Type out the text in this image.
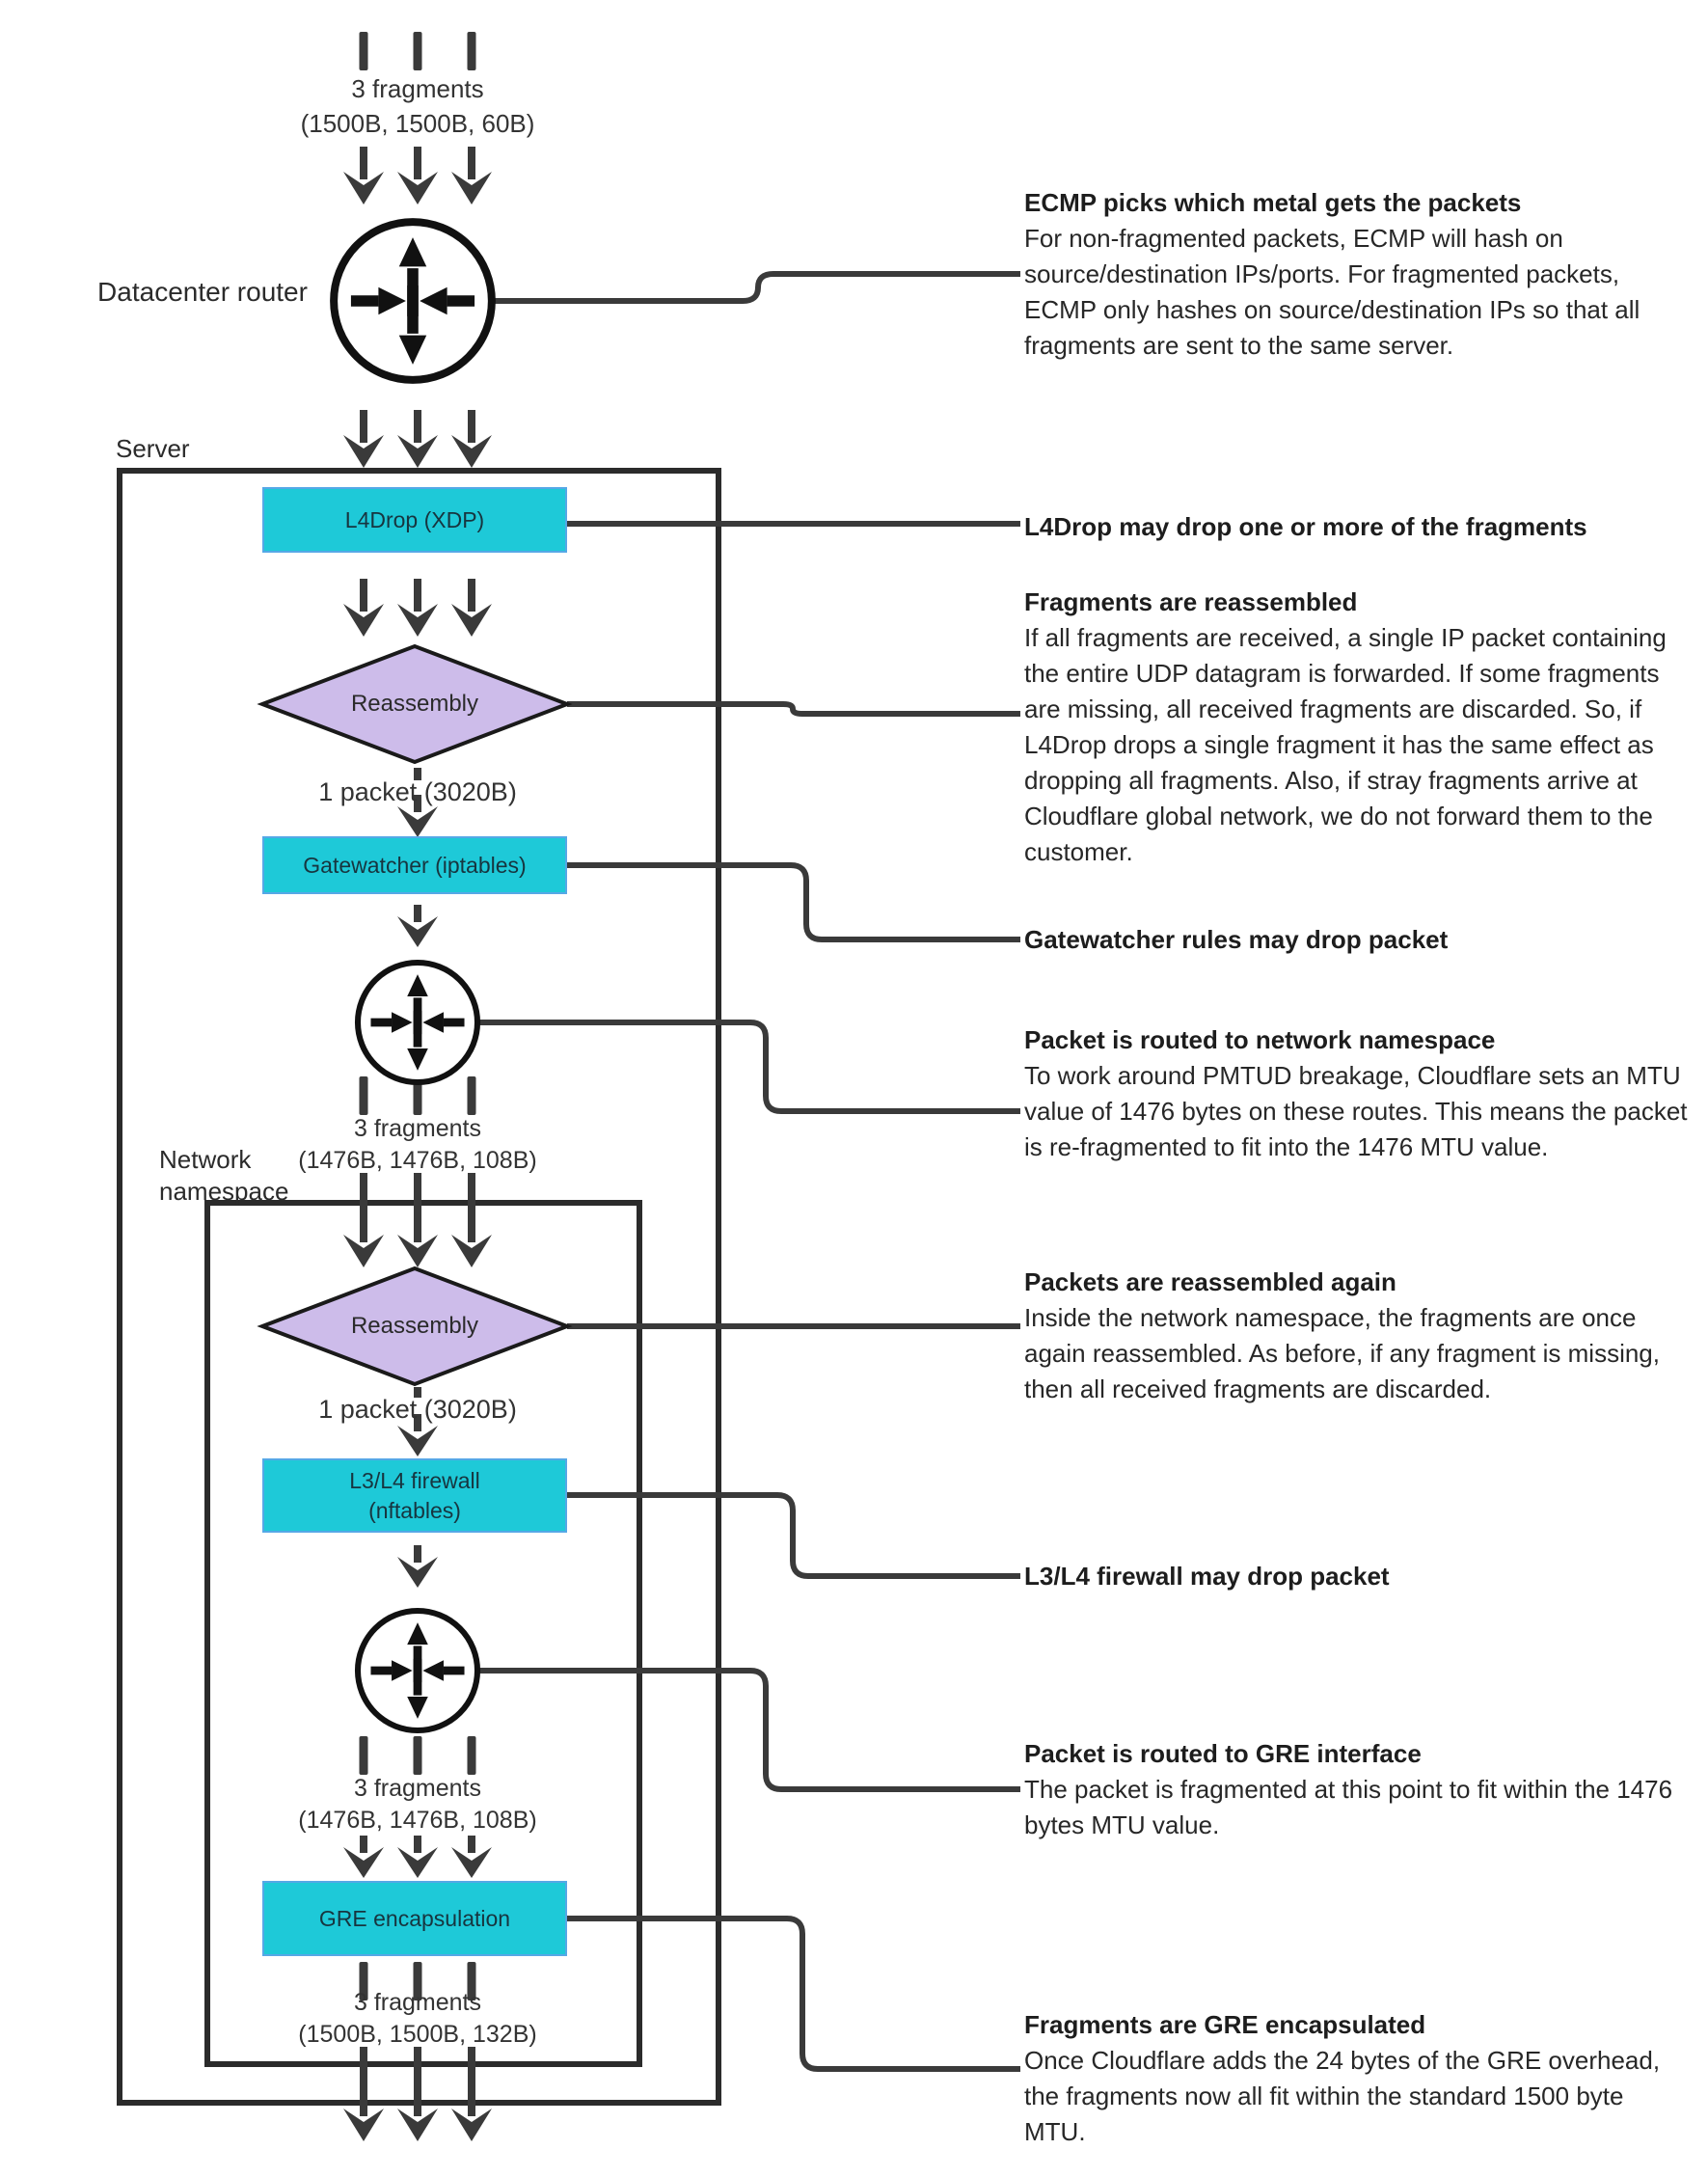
L4Drop (XDP)
Gatewatcher (iptables)
L3/L4 firewall
(nftables)
GRE encapsulation
Reassembly
Reassembly
Datacenter router
Server
Network namespace
3 fragments
(1500B, 1500B, 60B)
3 fragments
(1476B, 1476B, 108B)
3 fragments
(1476B, 1476B, 108B)
3 fragments
(1500B, 1500B, 132B)
1 packet (3020B)
1 packet (3020B)
ECMP picks which metal gets the packets
For non-fragmented packets, ECMP will hash on source/destination IPs/ports. For fragmented packets, ECMP only hashes on source/destination IPs so that all fragments are sent to the same server.
L4Drop may drop one or more of the fragments
Fragments are reassembled
If all fragments are received, a single IP packet containing the entire UDP datagram is forwarded. If some fragments are missing, all received fragments are discarded. So, if L4Drop drops a single fragment it has the same effect as dropping all fragments. Also, if stray fragments arrive at Cloudflare global network, we do not forward them to the customer.
Gatewatcher rules may drop packet
Packet is routed to network namespace
To work around PMTUD breakage, Cloudflare sets an MTU value of 1476 bytes on these routes. This means the packet is re-fragmented to fit into the 1476 MTU value.
Packets are reassembled again
Inside the network namespace, the fragments are once again reassembled. As before, if any fragment is missing, then all received fragments are discarded.
L3/L4 firewall may drop packet
Packet is routed to GRE interface
The packet is fragmented at this point to fit within the 1476 bytes MTU value.
Fragments are GRE encapsulated
Once Cloudflare adds the 24 bytes of the GRE overhead, the fragments now all fit within the standard 1500 byte MTU.
